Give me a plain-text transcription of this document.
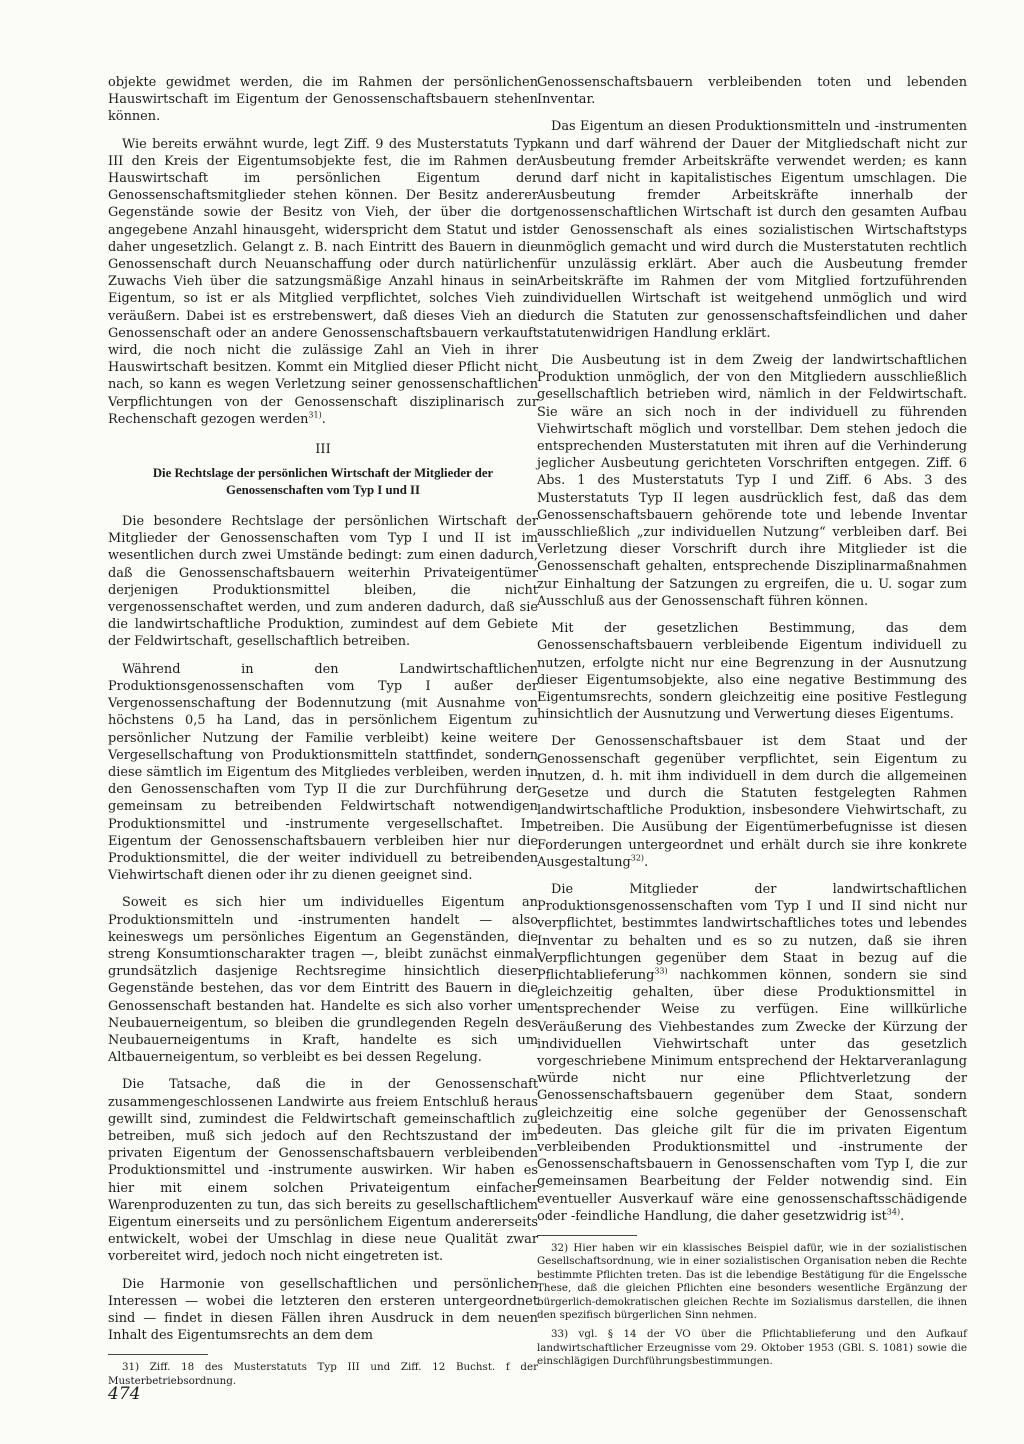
objekte gewidmet werden, die im Rahmen der persönlichen Hauswirtschaft im Eigentum der Genossenschaftsbauern stehen können.

Wie bereits erwähnt wurde, legt Ziff. 9 des Musterstatuts Typ III den Kreis der Eigentumsobjekte fest, die im Rahmen der Hauswirtschaft im persönlichen Eigentum der Genossenschaftsmitglieder stehen können. Der Besitz anderer Gegenstände sowie der Besitz von Vieh, der über die dort angegebene Anzahl hinausgeht, widerspricht dem Statut und ist daher ungesetzlich. Gelangt z. B. nach Eintritt des Bauern in die Genossenschaft durch Neuanschaffung oder durch natürlichen Zuwachs Vieh über die satzungsmäßige Anzahl hinaus in sein Eigentum, so ist er als Mitglied verpflichtet, solches Vieh zu veräußern. Dabei ist es erstrebenswert, daß dieses Vieh an die Genossenschaft oder an andere Genossenschaftsbauern verkauft wird, die noch nicht die zulässige Zahl an Vieh in ihrer Hauswirtschaft besitzen. Kommt ein Mitglied dieser Pflicht nicht nach, so kann es wegen Verletzung seiner genossenschaftlichen Verpflichtungen von der Genossenschaft disziplinarisch zur Rechenschaft gezogen werden$^{31)}$.

III
Die Rechtslage der persönlichen Wirtschaft der Mitglieder der Genossenschaften vom Typ I und II

Die besondere Rechtslage der persönlichen Wirtschaft der Mitglieder der Genossenschaften vom Typ I und II ist im wesentlichen durch zwei Umstände bedingt: zum einen dadurch, daß die Genossenschaftsbauern weiterhin Privateigentümer derjenigen Produktionsmittel bleiben, die nicht vergenossenschaftet werden, und zum anderen dadurch, daß sie die landwirtschaftliche Produktion, zumindest auf dem Gebiete der Feldwirtschaft, gesellschaftlich betreiben.

Während in den Landwirtschaftlichen Produktionsgenossenschaften vom Typ I außer der Vergenossenschaftung der Bodennutzung (mit Ausnahme von höchstens 0,5 ha Land, das in persönlichem Eigentum zu persönlicher Nutzung der Familie verbleibt) keine weitere Vergesellschaftung von Produktionsmitteln stattfindet, sondern diese sämtlich im Eigentum des Mitgliedes verbleiben, werden in den Genossenschaften vom Typ II die zur Durchführung der gemeinsam zu betreibenden Feldwirtschaft notwendigen Produktionsmittel und -instrumente vergesellschaftet. Im Eigentum der Genossenschaftsbauern verbleiben hier nur die Produktionsmittel, die der weiter individuell zu betreibenden Viehwirtschaft dienen oder ihr zu dienen geeignet sind.

Soweit es sich hier um individuelles Eigentum an Produktionsmitteln und -instrumenten handelt — also keineswegs um persönliches Eigentum an Gegenständen, die streng Konsumtionscharakter tragen —, bleibt zunächst einmal grundsätzlich dasjenige Rechtsregime hinsichtlich dieser Gegenstände bestehen, das vor dem Eintritt des Bauern in die Genossenschaft bestanden hat. Handelte es sich also vorher um Neubauerneigentum, so bleiben die grundlegenden Regeln des Neubauerneigentums in Kraft, handelte es sich um Altbauerneigentum, so verbleibt es bei dessen Regelung.

Die Tatsache, daß die in der Genossenschaft zusammengeschlossenen Landwirte aus freiem Entschluß heraus gewillt sind, zumindest die Feldwirtschaft gemeinschaftlich zu betreiben, muß sich jedoch auf den Rechtszustand der im privaten Eigentum der Genossenschaftsbauern verbleibenden Produktionsmittel und -instrumente auswirken. Wir haben es hier mit einem solchen Privateigentum einfacher Warenproduzenten zu tun, das sich bereits zu gesellschaftlichem Eigentum einerseits und zu persönlichem Eigentum andererseits entwickelt, wobei der Umschlag in diese neue Qualität zwar vorbereitet wird, jedoch noch nicht eingetreten ist.

Die Harmonie von gesellschaftlichen und persönlichen Interessen — wobei die letzteren den ersteren untergeordnet sind — findet in diesen Fällen ihren Ausdruck in dem neuen Inhalt des Eigentumsrechts an dem dem

31) Ziff. 18 des Musterstatuts Typ III und Ziff. 12 Buchst. f der Musterbetriebsordnung.

Genossenschaftsbauern verbleibenden toten und lebenden Inventar.

Das Eigentum an diesen Produktionsmitteln und -instrumenten kann und darf während der Dauer der Mitgliedschaft nicht zur Ausbeutung fremder Arbeitskräfte verwendet werden; es kann und darf nicht in kapitalistisches Eigentum umschlagen. Die Ausbeutung fremder Arbeitskräfte innerhalb der genossenschaftlichen Wirtschaft ist durch den gesamten Aufbau der Genossenschaft als eines sozialistischen Wirtschaftstyps unmöglich gemacht und wird durch die Musterstatuten rechtlich für unzulässig erklärt. Aber auch die Ausbeutung fremder Arbeitskräfte im Rahmen der vom Mitglied fortzuführenden individuellen Wirtschaft ist weitgehend unmöglich und wird durch die Statuten zur genossenschaftsfeindlichen und daher statutenwidrigen Handlung erklärt.

Die Ausbeutung ist in dem Zweig der landwirtschaftlichen Produktion unmöglich, der von den Mitgliedern ausschließlich gesellschaftlich betrieben wird, nämlich in der Feldwirtschaft. Sie wäre an sich noch in der individuell zu führenden Viehwirtschaft möglich und vorstellbar. Dem stehen jedoch die entsprechenden Musterstatuten mit ihren auf die Verhinderung jeglicher Ausbeutung gerichteten Vorschriften entgegen. Ziff. 6 Abs. 1 des Musterstatuts Typ I und Ziff. 6 Abs. 3 des Musterstatuts Typ II legen ausdrücklich fest, daß das dem Genossenschaftsbauern gehörende tote und lebende Inventar ausschließlich „zur individuellen Nutzung“ verbleiben darf. Bei Verletzung dieser Vorschrift durch ihre Mitglieder ist die Genossenschaft gehalten, entsprechende Disziplinarmaßnahmen zur Einhaltung der Satzungen zu ergreifen, die u. U. sogar zum Ausschluß aus der Genossenschaft führen können.

Mit der gesetzlichen Bestimmung, das dem Genossenschaftsbauern verbleibende Eigentum individuell zu nutzen, erfolgte nicht nur eine Begrenzung in der Ausnutzung dieser Eigentumsobjekte, also eine negative Bestimmung des Eigentumsrechts, sondern gleichzeitig eine positive Festlegung hinsichtlich der Ausnutzung und Verwertung dieses Eigentums.

Der Genossenschaftsbauer ist dem Staat und der Genossenschaft gegenüber verpflichtet, sein Eigentum zu nutzen, d. h. mit ihm individuell in dem durch die allgemeinen Gesetze und durch die Statuten festgelegten Rahmen landwirtschaftliche Produktion, insbesondere Viehwirtschaft, zu betreiben. Die Ausübung der Eigentümerbefugnisse ist diesen Forderungen untergeordnet und erhält durch sie ihre konkrete Ausgestaltung$^{32)}$.

Die Mitglieder der landwirtschaftlichen Produktionsgenossenschaften vom Typ I und II sind nicht nur verpflichtet, bestimmtes landwirtschaftliches totes und lebendes Inventar zu behalten und es so zu nutzen, daß sie ihren Verpflichtungen gegenüber dem Staat in bezug auf die Pflichtablieferung$^{33)}$ nachkommen können, sondern sie sind gleichzeitig gehalten, über diese Produktionsmittel in entsprechender Weise zu verfügen. Eine willkürliche Veräußerung des Viehbestandes zum Zwecke der Kürzung der individuellen Viehwirtschaft unter das gesetzlich vorgeschriebene Minimum entsprechend der Hektarveranlagung würde nicht nur eine Pflichtverletzung der Genossenschaftsbauern gegenüber dem Staat, sondern gleichzeitig eine solche gegenüber der Genossenschaft bedeuten. Das gleiche gilt für die im privaten Eigentum verbleibenden Produktionsmittel und -instrumente der Genossenschaftsbauern in Genossenschaften vom Typ I, die zur gemeinsamen Bearbeitung der Felder notwendig sind. Ein eventueller Ausverkauf wäre eine genossenschaftsschädigende oder -feindliche Handlung, die daher gesetzwidrig ist$^{34)}$.

32) Hier haben wir ein klassisches Beispiel dafür, wie in der sozialistischen Gesellschaftsordnung, wie in einer sozialistischen Organisation neben die Rechte bestimmte Pflichten treten. Das ist die lebendige Bestätigung für die Engelssche These, daß die gleichen Pflichten eine besonders wesentliche Ergänzung der bürgerlich-demokratischen gleichen Rechte im Sozialismus darstellen, die ihnen den spezifisch bürgerlichen Sinn nehmen.
33) vgl. § 14 der VO über die Pflichtablieferung und den Aufkauf landwirtschaftlicher Erzeugnisse vom 29. Oktober 1953 (GBl. S. 1081) sowie die einschlägigen Durchführungsbestimmungen.
474
